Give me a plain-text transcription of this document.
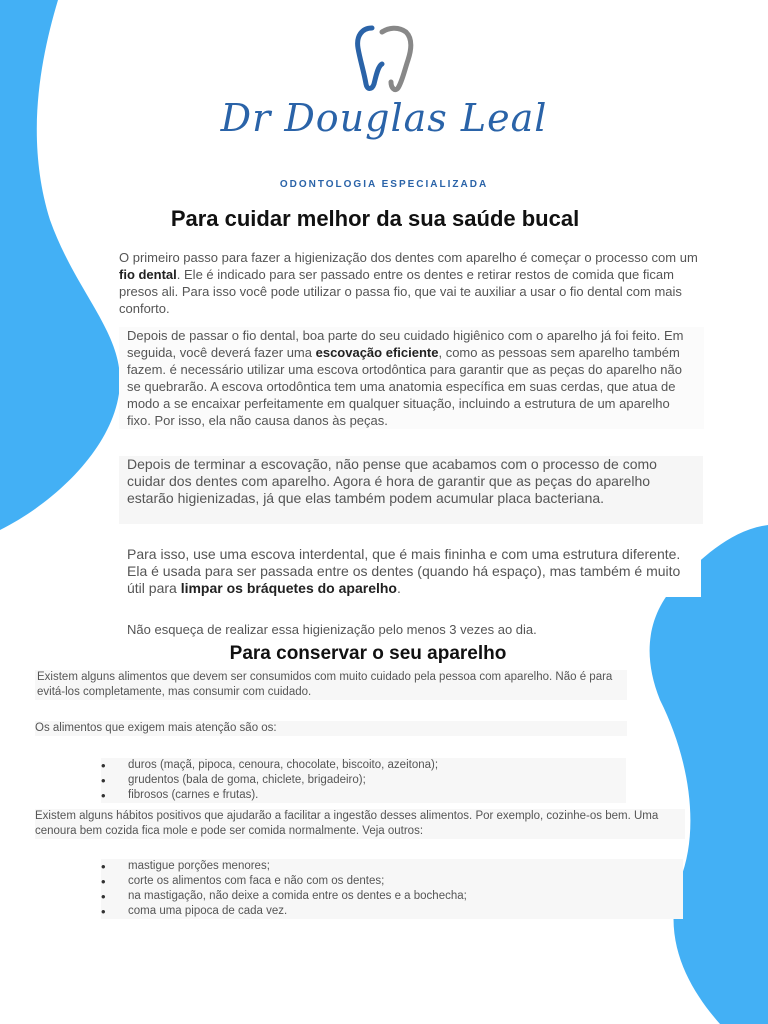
Dr Douglas Leal
ODONTOLOGIA ESPECIALIZADA
Para cuidar melhor da sua saúde bucal
O primeiro passo para fazer a higienização dos dentes com aparelho é começar o processo com um fio dental. Ele é indicado para ser passado entre os dentes e retirar restos de comida que ficam presos ali. Para isso você pode utilizar o passa fio, que vai te auxiliar a usar o fio dental com mais conforto.
Depois de passar o fio dental, boa parte do seu cuidado higiênico com o aparelho já foi feito. Em seguida, você deverá fazer uma escovação eficiente, como as pessoas sem aparelho também fazem. é necessário utilizar uma escova ortodôntica para garantir que as peças do aparelho não se quebrarão. A escova ortodôntica tem uma anatomia específica em suas cerdas, que atua de modo a se encaixar perfeitamente em qualquer situação, incluindo a estrutura de um aparelho fixo. Por isso, ela não causa danos às peças.
Depois de terminar a escovação, não pense que acabamos com o processo de como cuidar dos dentes com aparelho. Agora é hora de garantir que as peças do aparelho estarão higienizadas, já que elas também podem acumular placa bacteriana.
Para isso, use uma escova interdental, que é mais fininha e com uma estrutura diferente. Ela é usada para ser passada entre os dentes (quando há espaço), mas também é muito útil para limpar os bráquetes do aparelho.
Não esqueça de realizar essa higienização pelo menos 3 vezes ao dia.
Para conservar o seu aparelho
Existem alguns alimentos que devem ser consumidos com muito cuidado pela pessoa com aparelho. Não é para evitá-los completamente, mas consumir com cuidado.
Os alimentos que exigem mais atenção são os:
• duros (maçã, pipoca, cenoura, chocolate, biscoito, azeitona);
• grudentos (bala de goma, chiclete, brigadeiro);
• fibrosos (carnes e frutas).
Existem alguns hábitos positivos que ajudarão a facilitar a ingestão desses alimentos. Por exemplo, cozinhe-os bem. Uma cenoura bem cozida fica mole e pode ser comida normalmente. Veja outros:
• mastigue porções menores;
• corte os alimentos com faca e não com os dentes;
• na mastigação, não deixe a comida entre os dentes e a bochecha;
• coma uma pipoca de cada vez.
